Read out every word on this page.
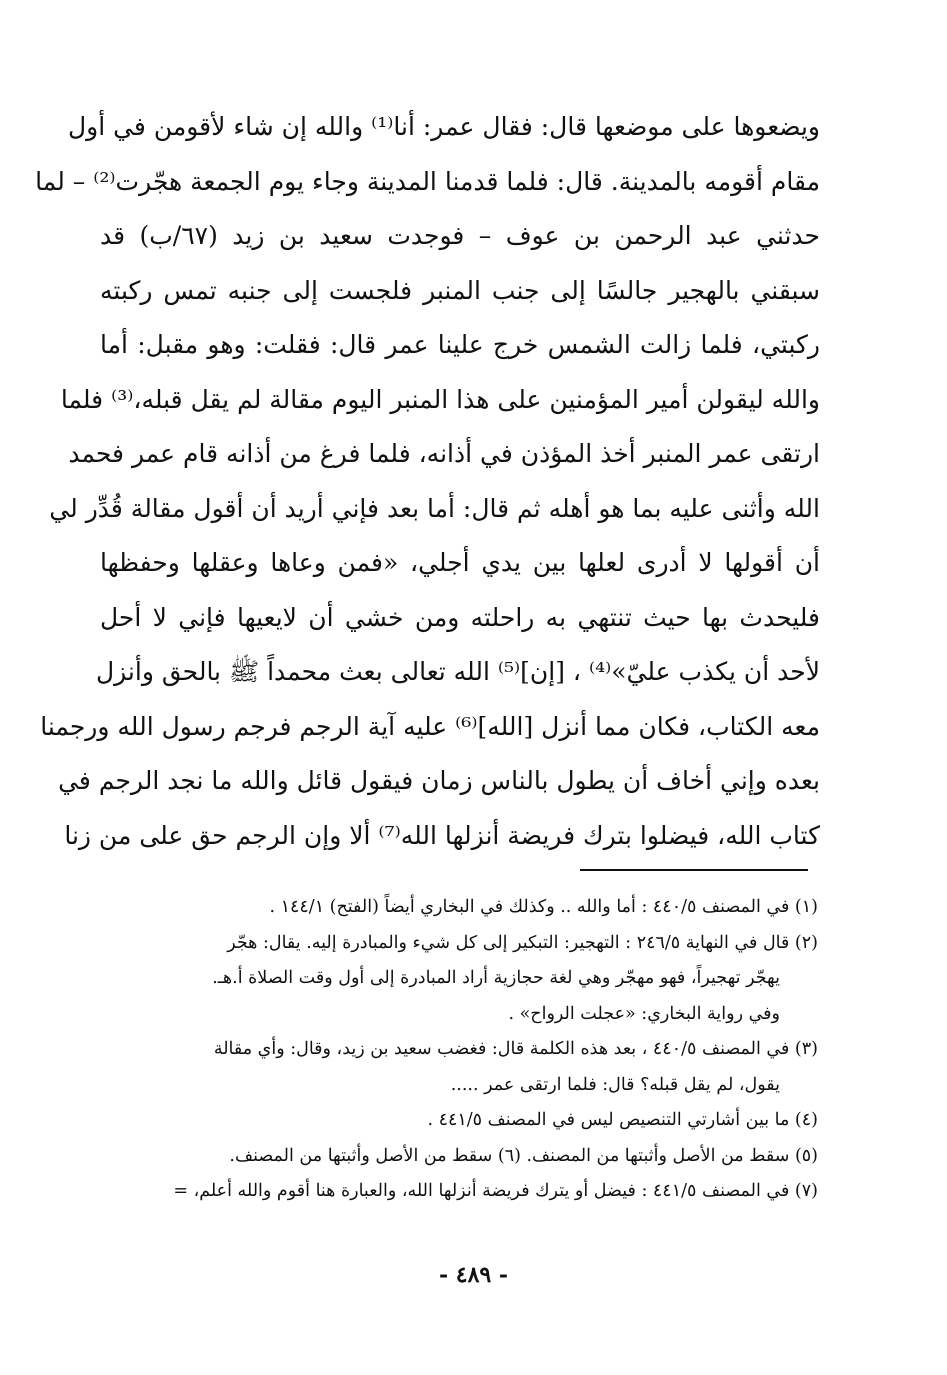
ويضعوها على موضعها قال: فقال عمر: أنا⁽¹⁾ والله إن شاء لأقومن في أول
مقام أقومه بالمدينة. قال: فلما قدمنا المدينة وجاء يوم الجمعة هجّرت⁽²⁾ – لما
حدثني عبد الرحمن بن عوف – فوجدت سعيد بن زيد (٦٧/ب) قد
سبقني بالهجير جالسًا إلى جنب المنبر فلجست إلى جنبه تمس ركبته
ركبتي، فلما زالت الشمس خرج علينا عمر قال: فقلت: وهو مقبل: أما
والله ليقولن أمير المؤمنين على هذا المنبر اليوم مقالة لم يقل قبله،⁽³⁾ فلما
ارتقى عمر المنبر أخذ المؤذن في أذانه، فلما فرغ من أذانه قام عمر فحمد
الله وأثنى عليه بما هو أهله ثم قال: أما بعد فإني أريد أن أقول مقالة قُدِّر لي
أن أقولها لا أدرى لعلها بين يدي أجلي، «فمن وعاها وعقلها وحفظها
فليحدث بها حيث تنتهي به راحلته ومن خشي أن لايعيها فإني لا أحل
لأحد أن يكذب عليّ»⁽⁴⁾ ، [إن]⁽⁵⁾ الله تعالى بعث محمداً ﷺ بالحق وأنزل
معه الكتاب، فكان مما أنزل [الله]⁽⁶⁾ عليه آية الرجم فرجم رسول الله ورجمنا
بعده وإني أخاف أن يطول بالناس زمان فيقول قائل والله ما نجد الرجم في
كتاب الله، فيضلوا بترك فريضة أنزلها الله⁽⁷⁾ ألا وإن الرجم حق على من زنا
(١) في المصنف ٤٤٠/٥ : أما والله .. وكذلك في البخاري أيضاً (الفتح) ١٤٤/١ .
(٢) قال في النهاية ٢٤٦/٥ : التهجير: التبكير إلى كل شيء والمبادرة إليه. يقال: هجّر
يهجّر تهجيراً، فهو مهجّر وهي لغة حجازية أراد المبادرة إلى أول وقت الصلاة أ.هـ.
وفي رواية البخاري: «عجلت الرواح» .
(٣) في المصنف ٤٤٠/٥ ، بعد هذه الكلمة قال: فغضب سعيد بن زيد، وقال: وأي مقالة
يقول، لم يقل قبله؟ قال: فلما ارتقى عمر .....
(٤) ما بين أشارتي التنصيص ليس في المصنف ٤٤١/٥ .
(٥) سقط من الأصل وأثبتها من المصنف. (٦) سقط من الأصل وأثبتها من المصنف.
(٧) في المصنف ٤٤١/٥ : فيضل أو يترك فريضة أنزلها الله، والعبارة هنا أقوم والله أعلم، =
- ٤٨٩ -
